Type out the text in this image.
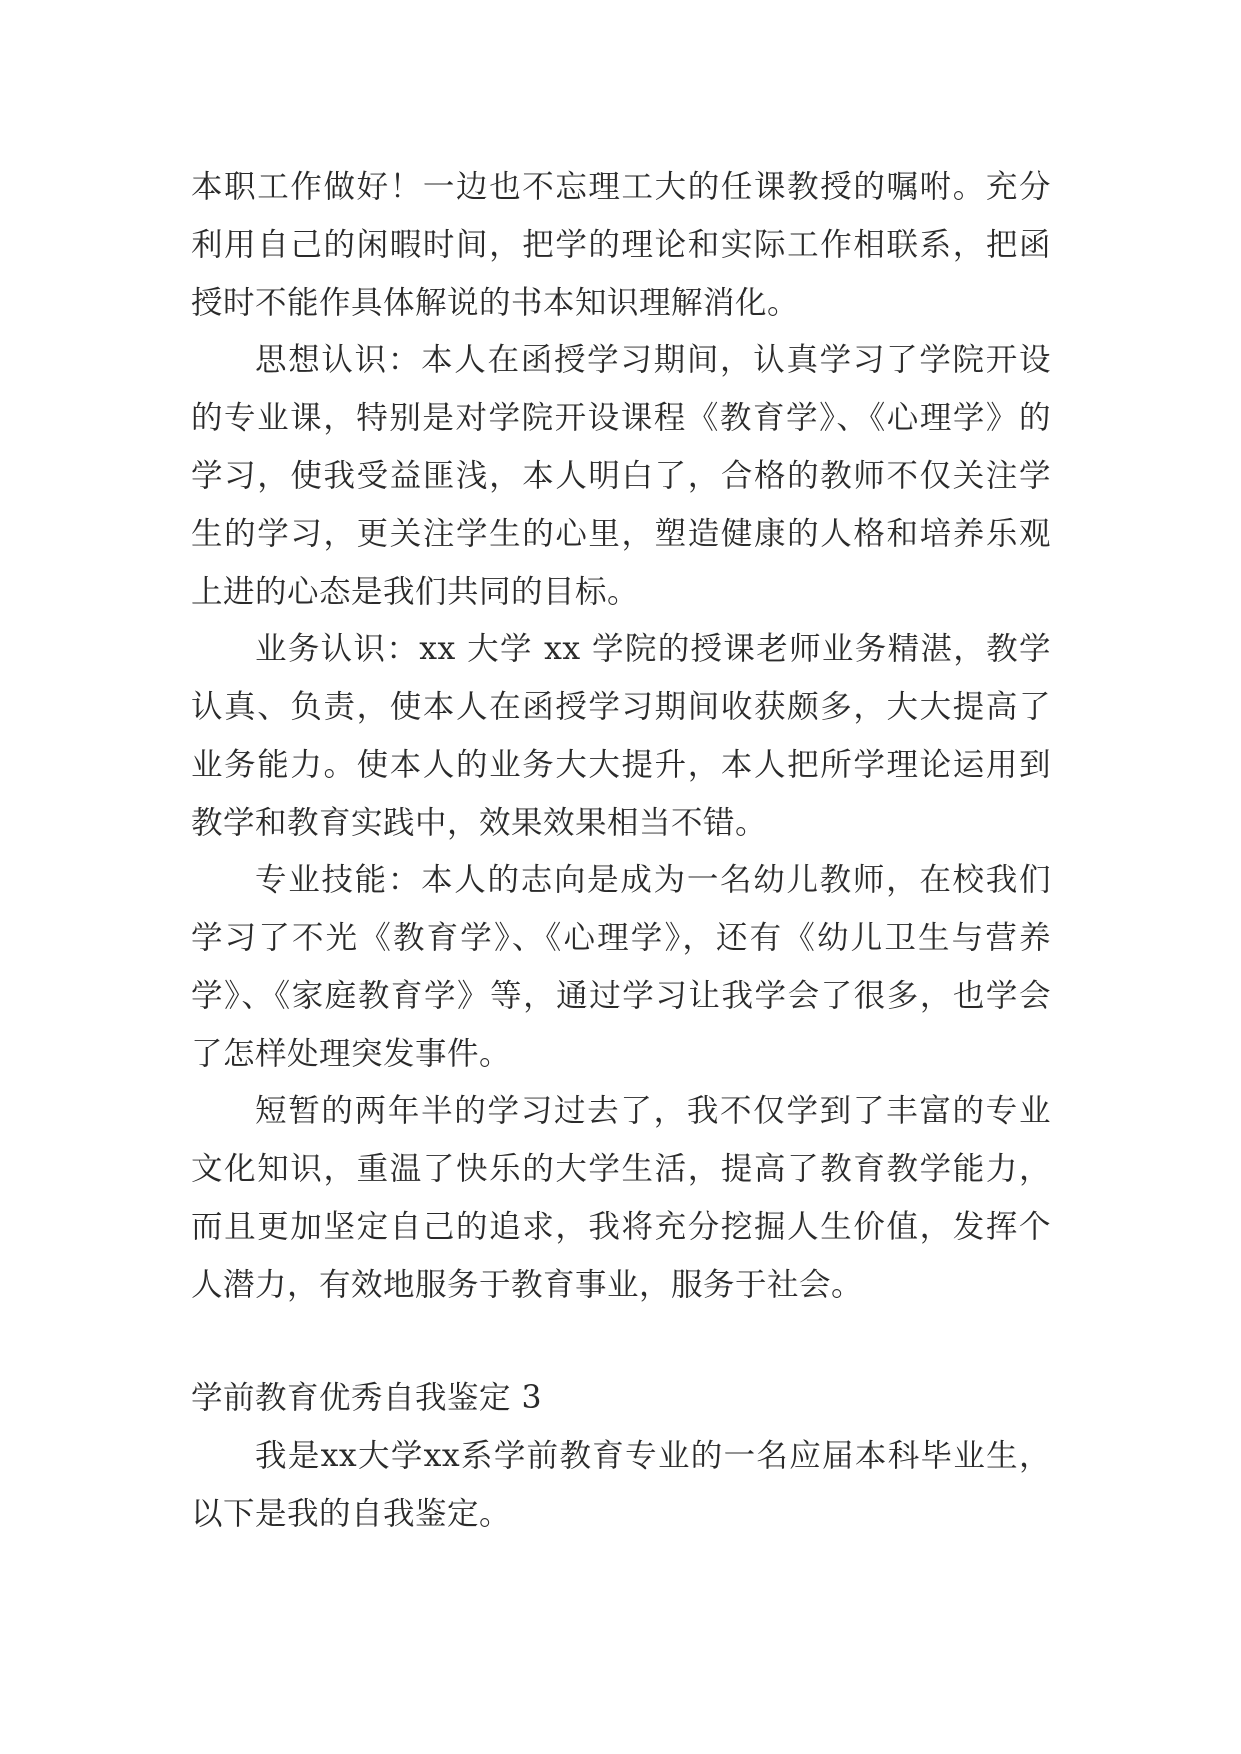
本职工作做好！一边也不忘理工大的任课教授的嘱咐。充分
利用自己的闲暇时间，把学的理论和实际工作相联系，把函
授时不能作具体解说的书本知识理解消化。
思想认识：本人在函授学习期间，认真学习了学院开设
的专业课，特别是对学院开设课程《教育学》、《心理学》的
学习，使我受益匪浅，本人明白了，合格的教师不仅关注学
生的学习，更关注学生的心里，塑造健康的人格和培养乐观
上进的心态是我们共同的目标。
业务认识：xx 大学 xx 学院的授课老师业务精湛，教学
认真、负责，使本人在函授学习期间收获颇多，大大提高了
业务能力。使本人的业务大大提升，本人把所学理论运用到
教学和教育实践中，效果效果相当不错。
专业技能：本人的志向是成为一名幼儿教师，在校我们
学习了不光《教育学》、《心理学》，还有《幼儿卫生与营养
学》、《家庭教育学》等，通过学习让我学会了很多，也学会
了怎样处理突发事件。
短暂的两年半的学习过去了，我不仅学到了丰富的专业
文化知识，重温了快乐的大学生活，提高了教育教学能力，
而且更加坚定自己的追求，我将充分挖掘人生价值，发挥个
人潜力，有效地服务于教育事业，服务于社会。
学前教育优秀自我鉴定 3
我是xx大学xx系学前教育专业的一名应届本科毕业生，
以下是我的自我鉴定。
